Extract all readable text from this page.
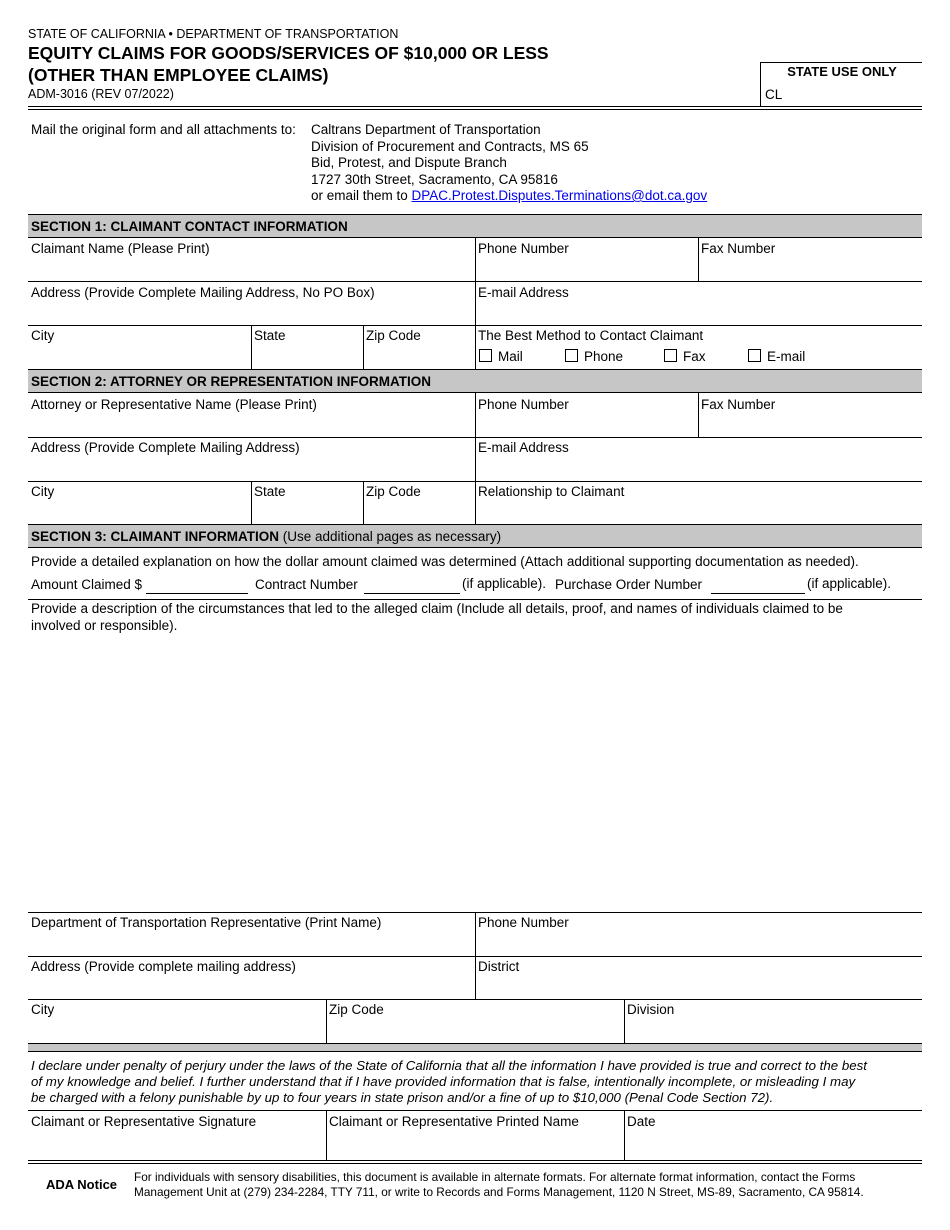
STATE OF CALIFORNIA • DEPARTMENT OF TRANSPORTATION
EQUITY CLAIMS FOR GOODS/SERVICES OF $10,000 OR LESS
(OTHER THAN EMPLOYEE CLAIMS)
ADM-3016 (REV 07/2022)
STATE USE ONLY
CL
Mail the original form and all attachments to: Caltrans Department of Transportation
Division of Procurement and Contracts, MS 65
Bid, Protest, and Dispute Branch
1727 30th Street, Sacramento, CA 95816
or email them to DPAC.Protest.Disputes.Terminations@dot.ca.gov
SECTION 1: CLAIMANT CONTACT INFORMATION
Claimant Name (Please Print)	Phone Number	Fax Number
Address (Provide Complete Mailing Address, No PO Box)	E-mail Address
City	State	Zip Code	The Best Method to Contact Claimant
Mail	Phone	Fax	E-mail
SECTION 2: ATTORNEY OR REPRESENTATION INFORMATION
Attorney or Representative Name (Please Print)	Phone Number	Fax Number
Address (Provide Complete Mailing Address)	E-mail Address
City	State	Zip Code	Relationship to Claimant
SECTION 3: CLAIMANT INFORMATION (Use additional pages as necessary)
Provide a detailed explanation on how the dollar amount claimed was determined (Attach additional supporting documentation as needed).
Amount Claimed $	Contract Number	(if applicable). Purchase Order Number	(if applicable).
Provide a description of the circumstances that led to the alleged claim (Include all details, proof, and names of individuals claimed to be
involved or responsible).
Department of Transportation Representative (Print Name)	Phone Number
Address (Provide complete mailing address)	District
City	Zip Code	Division
I declare under penalty of perjury under the laws of the State of California that all the information I have provided is true and correct to the best
of my knowledge and belief. I further understand that if I have provided information that is false, intentionally incomplete, or misleading I may
be charged with a felony punishable by up to four years in state prison and/or a fine of up to $10,000 (Penal Code Section 72).
Claimant or Representative Signature	Claimant or Representative Printed Name	Date
ADA Notice For individuals with sensory disabilities, this document is available in alternate formats. For alternate format information, contact the Forms
Management Unit at (279) 234-2284, TTY 711, or write to Records and Forms Management, 1120 N Street, MS-89, Sacramento, CA 95814.
